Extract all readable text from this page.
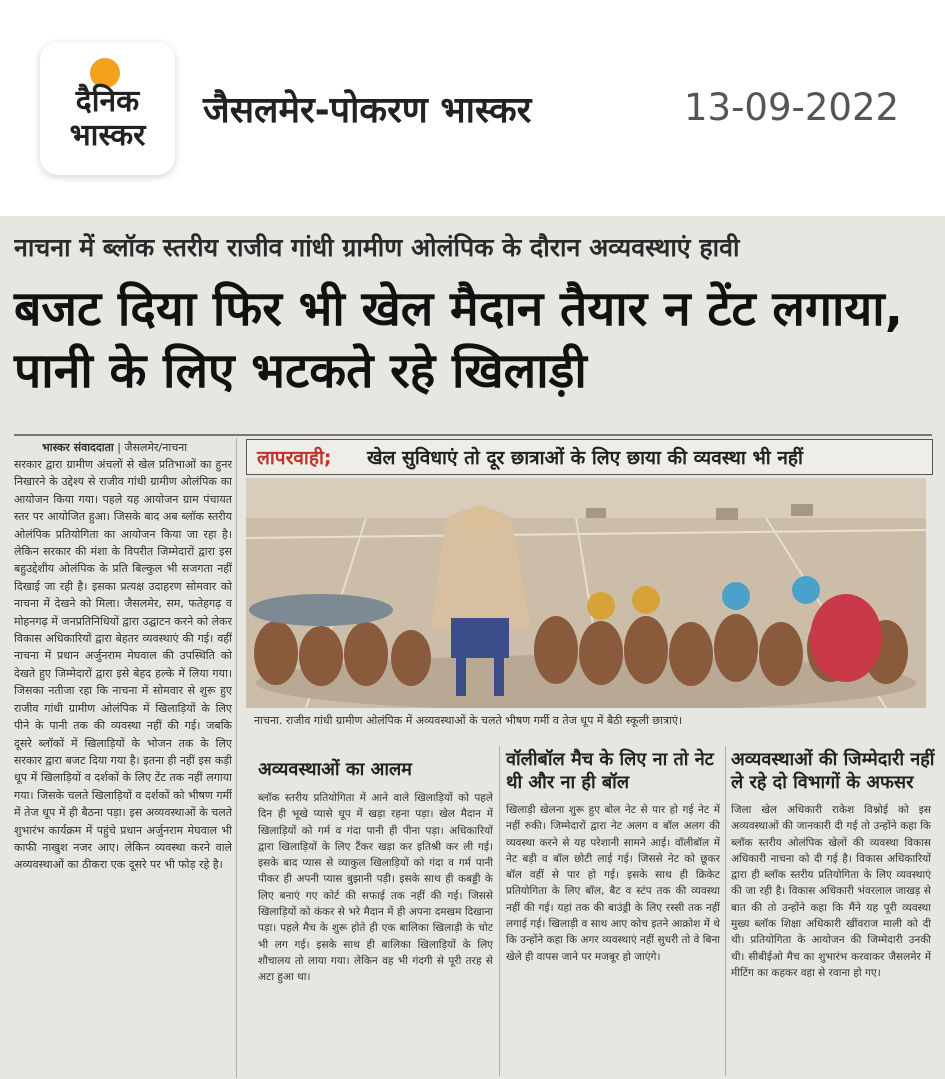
दैनिक
भास्कर
जैसलमेर-पोकरण भास्कर	13-09-2022
नाचना में ब्लॉक स्तरीय राजीव गांधी ग्रामीण ओलंपिक के दौरान अव्यवस्थाएं हावी
बजट दिया फिर भी खेल मैदान तैयार न टेंट लगाया, पानी के लिए भटकते रहे खिलाड़ी
भास्कर संवाददाता | जैसलमेर/नाचना
सरकार द्वारा ग्रामीण अंचलों से खेल प्रतिभाओं का हुनर निखारने के उद्देश्य से राजीव गांधी ग्रामीण ओलंपिक का आयोजन किया गया। पहले यह आयोजन ग्राम पंचायत स्तर पर आयोजित हुआ। जिसके बाद अब ब्लॉक स्तरीय ओलंपिक प्रतियोगिता का आयोजन किया जा रहा है। लेकिन सरकार की मंशा के विपरीत जिम्मेदारों द्वारा इस बहुउद्देशीय ओलंपिक के प्रति बिल्कुल भी सजगता नहीं दिखाई जा रही है। इसका प्रत्यक्ष उदाहरण सोमवार को नाचना में देखने को मिला। जैसलमेर, सम, फतेहगढ़ व मोहनगढ़ में जनप्रतिनिधियों द्वारा उद्घाटन करने को लेकर विकास अधिकारियों द्वारा बेहतर व्यवस्थाएं की गई। वहीं नाचना में प्रधान अर्जुनराम मेघवाल की उपस्थिति को देखते हुए जिम्मेदारों द्वारा इसे बेहद हल्के में लिया गया। जिसका नतीजा रहा कि नाचना में सोमवार से शुरू हुए राजीव गांधी ग्रामीण ओलंपिक में खिलाड़ियों के लिए पीने के पानी तक की व्यवस्था नहीं की गई। जबकि दूसरे ब्लॉकों में खिलाड़ियों के भोजन तक के लिए सरकार द्वारा बजट दिया गया है। इतना ही नहीं इस कड़ी धूप में खिलाड़ियों व दर्शकों के लिए टेंट तक नहीं लगाया गया। जिसके चलते खिलाड़ियों व दर्शकों को भीषण गर्मी में तेज धूप में ही बैठना पड़ा। इस अव्यवस्थाओं के चलते शुभारंभ कार्यक्रम में पहुंचे प्रधान अर्जुनराम मेघवाल भी काफी नाखुश नजर आए। लेकिन व्यवस्था करने वाले अव्यवस्थाओं का ठीकरा एक दूसरे पर भी फोड़ रहे है।
लापरवाही; खेल सुविधाएं तो दूर छात्राओं के लिए छाया की व्यवस्था भी नहीं
नाचना. राजीव गांधी ग्रामीण ओलंपिक में अव्यवस्थाओं के चलते भीषण गर्मी व तेज धूप में बैठी स्कूली छात्राएं।
अव्यवस्थाओं का आलम
ब्लॉक स्तरीय प्रतियोगिता में आने वाले खिलाड़ियों को पहले दिन ही भूखे प्यासे धूप में खड़ा रहना पड़ा। खेल मैदान में खिलाड़ियों को गर्म व गंदा पानी ही पीना पड़ा। अधिकारियों द्वारा खिलाड़ियों के लिए टैंकर खड़ा कर इतिश्री कर ली गई। इसके बाद प्यास से व्याकुल खिलाड़ियों को गंदा व गर्म पानी पीकर ही अपनी प्यास बुझानी पड़ी। इसके साथ ही कबड्डी के लिए बनाएं गए कोर्ट की सफाई तक नहीं की गई। जिससे खिलाड़ियों को कंकर से भरे मैदान में ही अपना दमखम दिखाना पड़ा। पहले मैच के शुरू होते ही एक बालिका खिलाड़ी के चोट भी लग गई। इसके साथ ही बालिका खिलाड़ियों के लिए शौचालय तो लाया गया। लेकिन वह भी गंदगी से पूरी तरह से अटा हुआ था।
वॉलीबॉल मैच के लिए ना तो नेट थी और ना ही बॉल
खिलाड़ी खेलना शुरू हुए बोल नेट से पार हो गई नेट में नहीं रुकी। जिम्मेदारों द्वारा नेट अलग व बॉल अलग की व्यवस्था करने से यह परेशानी सामने आई। वॉलीबॉल में नेट बड़ी व बॉल छोटी लाई गई। जिससे नेट को छूकर बॉल वहीं से पार हो गई। इसके साथ ही क्रिकेट प्रतियोगिता के लिए बॉल, बैट व स्टंप तक की व्यवस्था नहीं की गई। यहां तक की बाउंड्री के लिए रस्सी तक नहीं लगाई गई। खिलाड़ी व साथ आए कोच इतने आक्रोश में थे कि उन्होंने कहा कि अगर व्यवस्थाएं नहीं सुधरी तो वे बिना खेले ही वापस जाने पर मजबूर हो जाएंगे।
अव्यवस्थाओं की जिम्मेदारी नहीं ले रहे दो विभागों के अफसर
जिला खेल अधिकारी राकेश विश्नोई को इस अव्यवस्थाओं की जानकारी दी गई तो उन्होंने कहा कि ब्लॉक स्तरीय ओलंपिक खेलों की व्यवस्था विकास अधिकारी नाचना को दी गई है। विकास अधिकारियों द्वारा ही ब्लॉक स्तरीय प्रतियोगिता के लिए व्यवस्थाएं की जा रही है। विकास अधिकारी भंवरलाल जाखड़ से बात की तो उन्होंने कहा कि मैंने यह पूरी व्यवस्था मुख्य ब्लॉक शिक्षा अधिकारी खींवराज माली को दी थी। प्रतियोगिता के आयोजन की जिम्मेदारी उनकी थी। सीबीईओ मैच का शुभारंभ करवाकर जैसलमेर में मीटिंग का कहकर वहा से रवाना हो गए।
